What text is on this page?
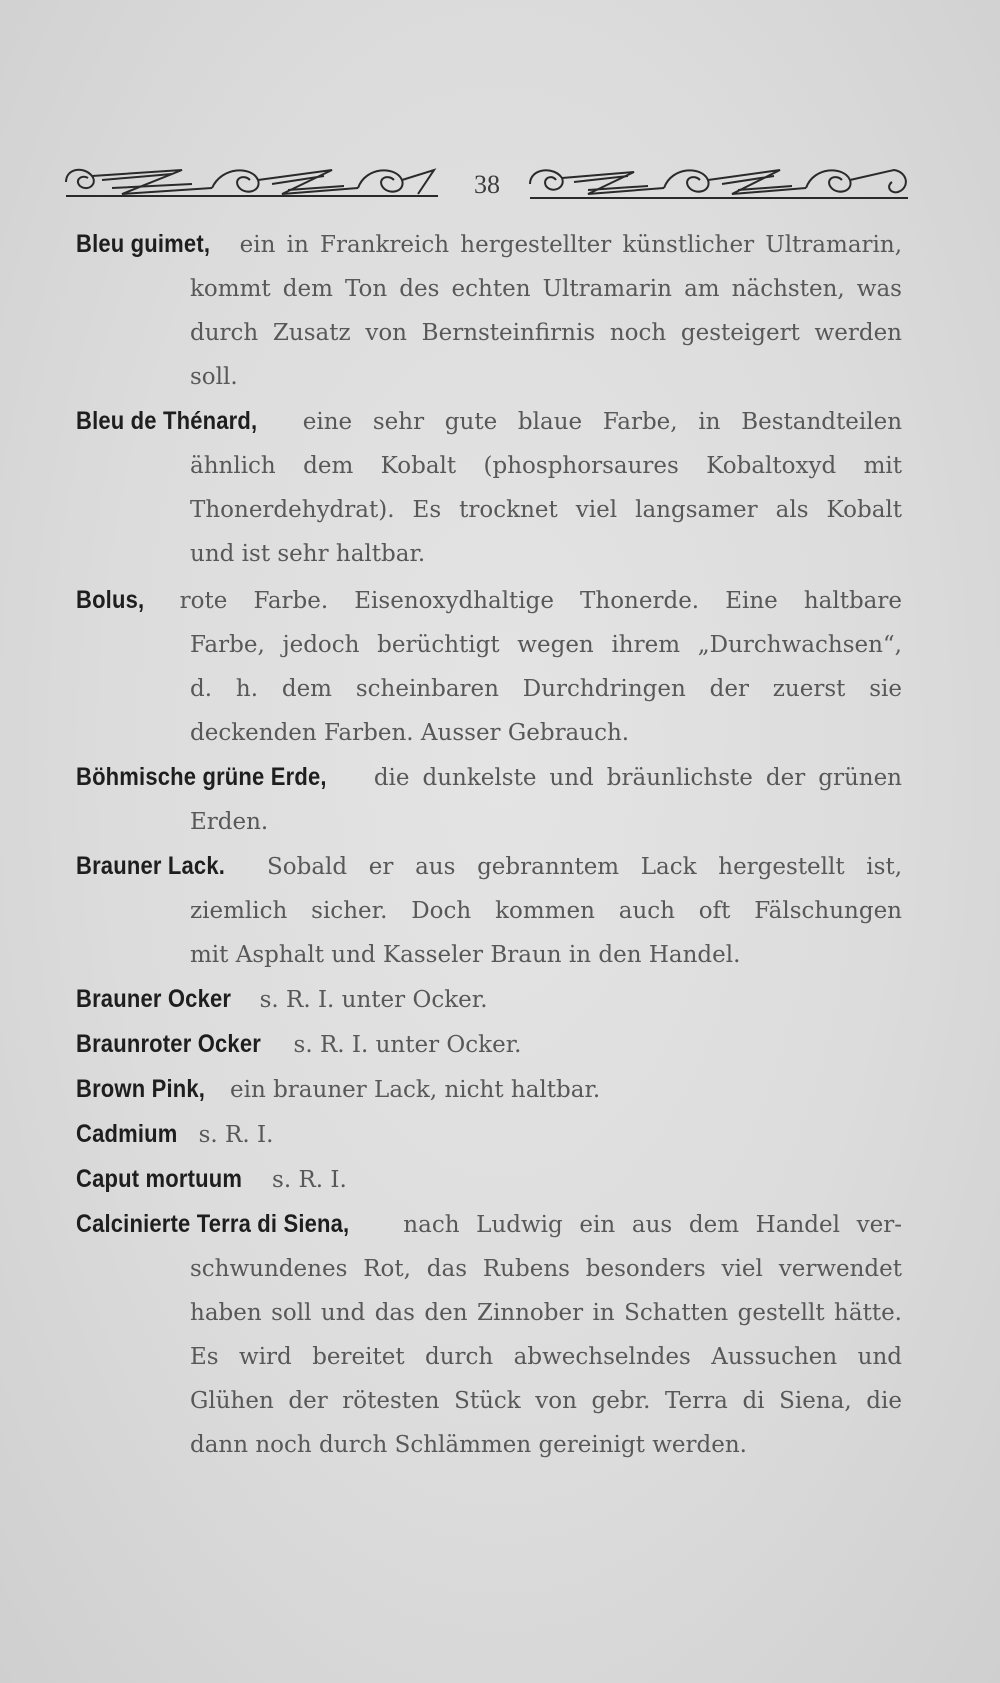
38
Bleu guimet, ein in Frankreich hergestellter künstlicher Ultramarin,
kommt dem Ton des echten Ultramarin am nächsten, was
durch Zusatz von Bernsteinfirnis noch gesteigert werden
soll.
Bleu de Thénard, eine sehr gute blaue Farbe, in Bestandteilen
ähnlich dem Kobalt (phosphorsaures Kobaltoxyd mit
Thonerdehydrat). Es trocknet viel langsamer als Kobalt
und ist sehr haltbar.
Bolus, rote Farbe. Eisenoxydhaltige Thonerde. Eine haltbare
Farbe, jedoch berüchtigt wegen ihrem „Durchwachsen“,
d. h. dem scheinbaren Durchdringen der zuerst sie
deckenden Farben. Ausser Gebrauch.
Böhmische grüne Erde, die dunkelste und bräunlichste der grünen
Erden.
Brauner Lack. Sobald er aus gebranntem Lack hergestellt ist,
ziemlich sicher. Doch kommen auch oft Fälschungen
mit Asphalt und Kasseler Braun in den Handel.
Brauner Ocker s. R. I. unter Ocker.
Braunroter Ocker s. R. I. unter Ocker.
Brown Pink, ein brauner Lack, nicht haltbar.
Cadmium s. R. I.
Caput mortuum s. R. I.
Calcinierte Terra di Siena, nach Ludwig ein aus dem Handel ver-
schwundenes Rot, das Rubens besonders viel verwendet
haben soll und das den Zinnober in Schatten gestellt hätte.
Es wird bereitet durch abwechselndes Aussuchen und
Glühen der rötesten Stück von gebr. Terra di Siena, die
dann noch durch Schlämmen gereinigt werden.
